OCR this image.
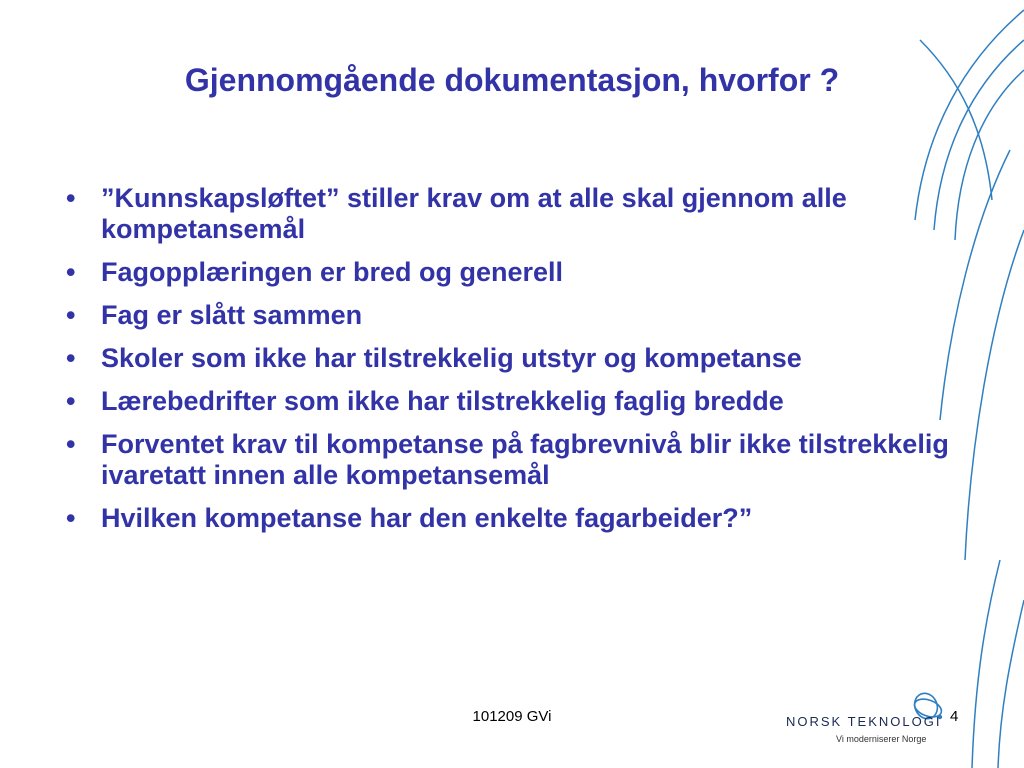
Gjennomgående dokumentasjon, hvorfor ?
• ”Kunnskapsløftet” stiller krav om at alle skal gjennom alle kompetansemål
• Fagopplæringen er bred og generell
• Fag er slått sammen
• Skoler som ikke har tilstrekkelig utstyr og kompetanse
• Lærebedrifter som ikke har tilstrekkelig faglig bredde
• Forventet krav til kompetanse på fagbrevnivå blir ikke tilstrekkelig ivaretatt innen alle kompetansemål
• Hvilken kompetanse har den enkelte fagarbeider?”
101209 GVi	NORSK TEKNOLOGI
Vi moderniserer Norge
4
